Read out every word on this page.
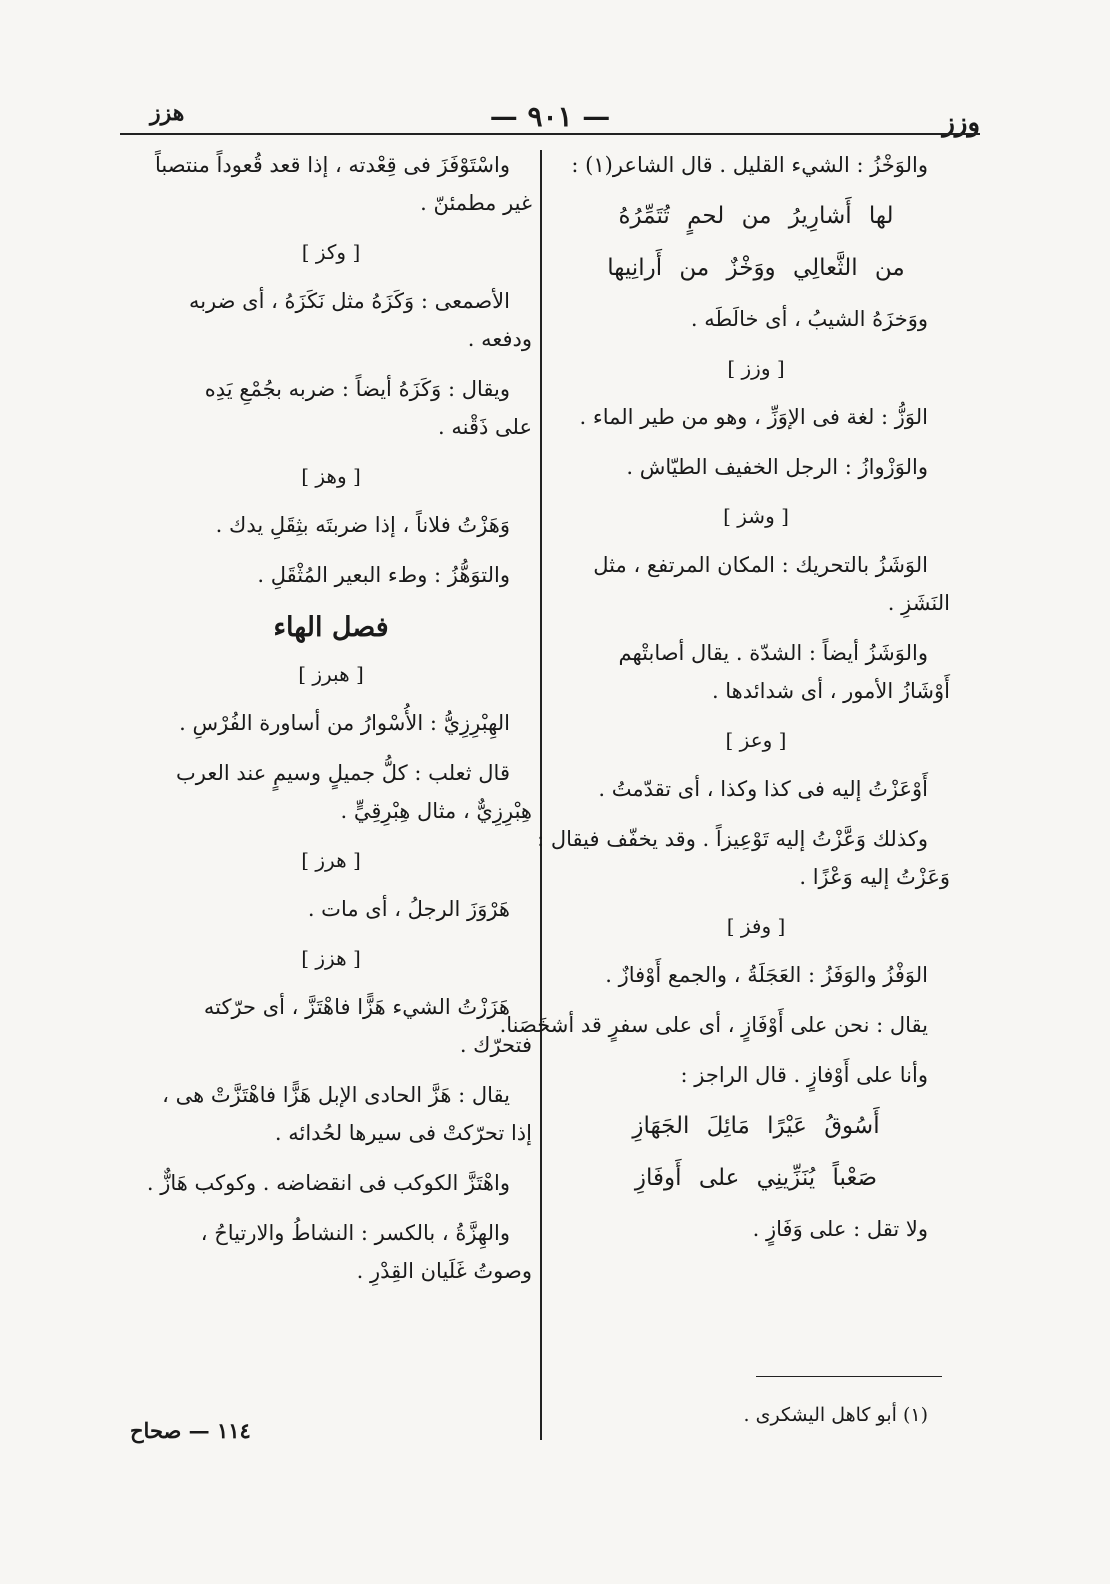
وزز
— ٩٠١ —
هزز
والوَخْزُ : الشيء القليل . قال الشاعر(١) :
لها أَشارِيرُ من لحمٍ تُتَمِّرُهُ
من الثَّعالِي ووَخْزٌ من أَرانِيها
ووَخزَهُ الشيبُ ، أى خالَطَه .
[ وزز ]
الوَزُّ : لغة فى الإوَزِّ ، وهو من طير الماء .
والوَزْوازُ : الرجل الخفيف الطيّاش .
[ وشز ]
الوَشَزُ بالتحريك : المكان المرتفع ، مثل
النَشَزِ .
والوَشَزُ أيضاً : الشدّة . يقال أصابتْهم
أَوْشَازُ الأمور ، أى شدائدها .
[ وعز ]
أَوْعَزْتُ إليه فى كذا وكذا ، أى تقدّمتُ .
وكذلك وَعَّزْتُ إليه تَوْعِيزاً . وقد يخفّف فيقال :
وَعَزْتُ إليه وَعْزًا .
[ وفز ]
الوَفْزُ والوَفَزُ : العَجَلَةُ ، والجمع أَوْفازٌ .
يقال : نحن على أَوْفَازٍ ، أى على سفرٍ قد أشخَصَنا.
وأنا على أَوْفازٍ . قال الراجز :
أَسُوقُ عَيْرًا مَائِلَ الجَهَازِ
صَعْباً يُنَزِّينِي على أَوفَازِ
ولا تقل : على وَفَازٍ .
واسْتَوْفَزَ فى قِعْدته ، إذا قعد قُعوداً منتصباً
غير مطمئنّ .
[ وكز ]
الأصمعى : وَكَزَهُ مثل نَكَزَهُ ، أى ضربه
ودفعه .
ويقال : وَكَزَهُ أيضاً : ضربه بجُمْعِ يَدِه
على ذَقْنه .
[ وهز ]
وَهَزْتُ فلاناً ، إذا ضربتَه بثِقَلِ يدك .
والتوَهُّزُ : وطء البعير المُثْقَلِ .
فصل الهاء
[ هبرز ]
الهِبْرِزِيُّ : الأُسْوارُ من أساورة الفُرْسِ .
قال ثعلب : كلُّ جميلٍ وسيمٍ عند العرب
هِبْرِزِيٌّ ، مثال هِبْرِقِيٍّ .
[ هرز ]
هَرْوَزَ الرجلُ ، أى مات .
[ هزز ]
هَزَزْتُ الشيء هَزًّا فاهْتَزَّ ، أى حرّكته
فتحرّك .
يقال : هَزَّ الحادى الإبل هَزًّا فاهْتَزَّتْ هى ،
إذا تحرّكتْ فى سيرها لحُدائه .
واهْتَزَّ الكوكب فى انقضاضه . وكوكب هَازٌّ .
والهِزَّةُ ، بالكسر : النشاطُ والارتياحُ ،
وصوتُ غَلَيان القِدْرِ .
(١) أبو كاهل اليشكرى .
١١٤ — صحاح
